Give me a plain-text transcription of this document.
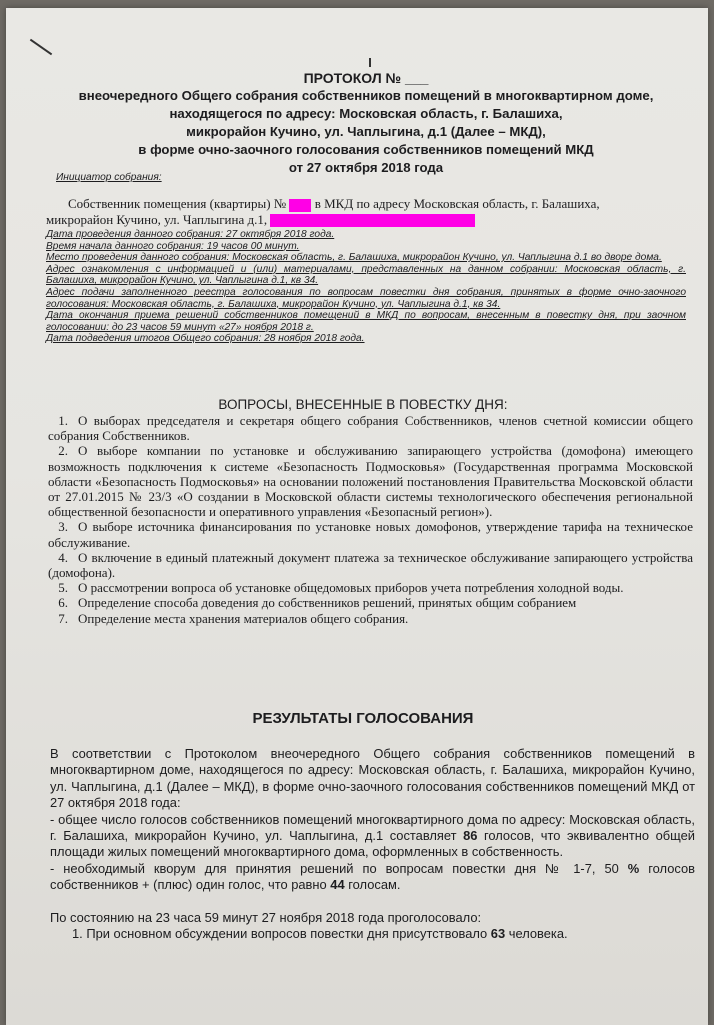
ПРОТОКОЛ № ___
внеочередного Общего собрания собственников помещений в многоквартирном доме,
находящегося по адресу: Московская область, г. Балашиха,
микрорайон Кучино, ул. Чаплыгина, д.1 (Далее – МКД),
в форме очно-заочного голосования собственников помещений МКД
от 27 октября 2018 года
Инициатор собрания:
Собственник помещения (квартиры) № в МКД по адресу Московская область, г. Балашиха,
микрорайон Кучино, ул. Чаплыгина д.1,
Дата проведения данного собрания: 27 октября 2018 года.
Время начала данного собрания: 19 часов 00 минут.
Место проведения данного собрания: Московская область, г. Балашиха, микрорайон Кучино, ул. Чаплыгина д.1 во дворе дома.
Адрес ознакомления с информацией и (или) материалами, представленных на данном собрании: Московская область, г. Балашиха, микрорайон Кучино, ул. Чаплыгина д.1, кв 34.
Адрес подачи заполненного реестра голосования по вопросам повестки дня собрания, принятых в форме очно-заочного голосования: Московская область, г. Балашиха, микрорайон Кучино, ул. Чаплыгина д.1, кв 34.
Дата окончания приема решений собственников помещений в МКД по вопросам, внесенным в повестку дня, при заочном голосовании: до 23 часов 59 минут «27» ноября 2018 г.
Дата подведения итогов Общего собрания: 28 ноября 2018 года.
ВОПРОСЫ, ВНЕСЕННЫЕ В ПОВЕСТКУ ДНЯ:

1. О выборах председателя и секретаря общего собрания Собственников, членов счетной комиссии общего собрания Собственников.

2. О выборе компании по установке и обслуживанию запирающего устройства (домофона) имеющего возможность подключения к системе «Безопасность Подмосковья» (Государственная программа Московской области «Безопасность Подмосковья» на основании положений постановления Правительства Московской области от 27.01.2015 № 23/3 «О создании в Московской области системы технологического обеспечения региональной общественной безопасности и оперативного управления «Безопасный регион»).

3. О выборе источника финансирования по установке новых домофонов, утверждение тарифа на техническое обслуживание.

4. О включение в единый платежный документ платежа за техническое обслуживание запирающего устройства (домофона).

5. О рассмотрении вопроса об установке общедомовых приборов учета потребления холодной воды.

6. Определение способа доведения до собственников решений, принятых общим собранием

7. Определение места хранения материалов общего собрания.

РЕЗУЛЬТАТЫ ГОЛОСОВАНИЯ

В соответствии с Протоколом внеочередного Общего собрания собственников помещений в многоквартирном доме, находящегося по адресу: Московская область, г. Балашиха, микрорайон Кучино, ул. Чаплыгина, д.1 (Далее – МКД), в форме очно-заочного голосования собственников помещений МКД от 27 октября 2018 года:

- общее число голосов собственников помещений многоквартирного дома по адресу: Московская область, г. Балашиха, микрорайон Кучино, ул. Чаплыгина, д.1 составляет 86 голосов, что эквивалентно общей площади жилых помещений многоквартирного дома, оформленных в собственность.

- необходимый кворум для принятия решений по вопросам повестки дня № 1-7, 50 % голосов собственников + (плюс) один голос, что равно 44 голосам.

По состоянию на 23 часа 59 минут 27 ноября 2018 года проголосовало:

1. При основном обсуждении вопросов повестки дня присутствовало 63 человека.
